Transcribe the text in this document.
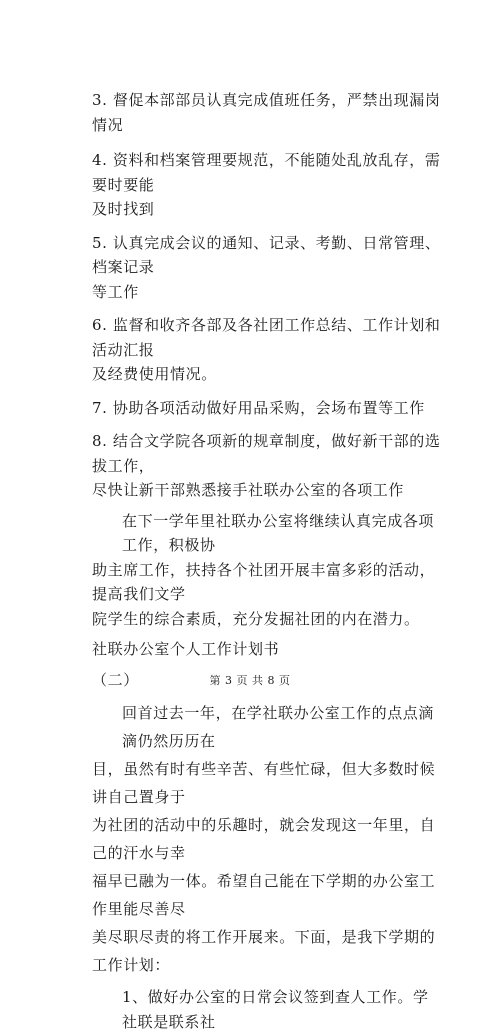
3. 督促本部部员认真完成值班任务，严禁出现漏岗情况

4. 资料和档案管理要规范，不能随处乱放乱存，需要时要能
及时找到

5. 认真完成会议的通知、记录、考勤、日常管理、档案记录
等工作

6. 监督和收齐各部及各社团工作总结、工作计划和活动汇报
及经费使用情况。

7. 协助各项活动做好用品采购，会场布置等工作

8. 结合文学院各项新的规章制度，做好新干部的选拔工作，
尽快让新干部熟悉接手社联办公室的各项工作

在下一学年里社联办公室将继续认真完成各项工作，积极协
助主席工作，扶持各个社团开展丰富多彩的活动，提高我们文学
院学生的综合素质，充分发掘社团的内在潜力。

社联办公室个人工作计划书

（二）

回首过去一年，在学社联办公室工作的点点滴滴仍然历历在
目，虽然有时有些辛苦、有些忙碌，但大多数时候讲自己置身于
为社团的活动中的乐趣时，就会发现这一年里，自己的汗水与幸
福早已融为一体。希望自己能在下学期的办公室工作里能尽善尽
美尽职尽责的将工作开展来。下面，是我下学期的工作计划：

1、做好办公室的日常会议签到查人工作。学社联是联系社

第 3 页 共 8 页
